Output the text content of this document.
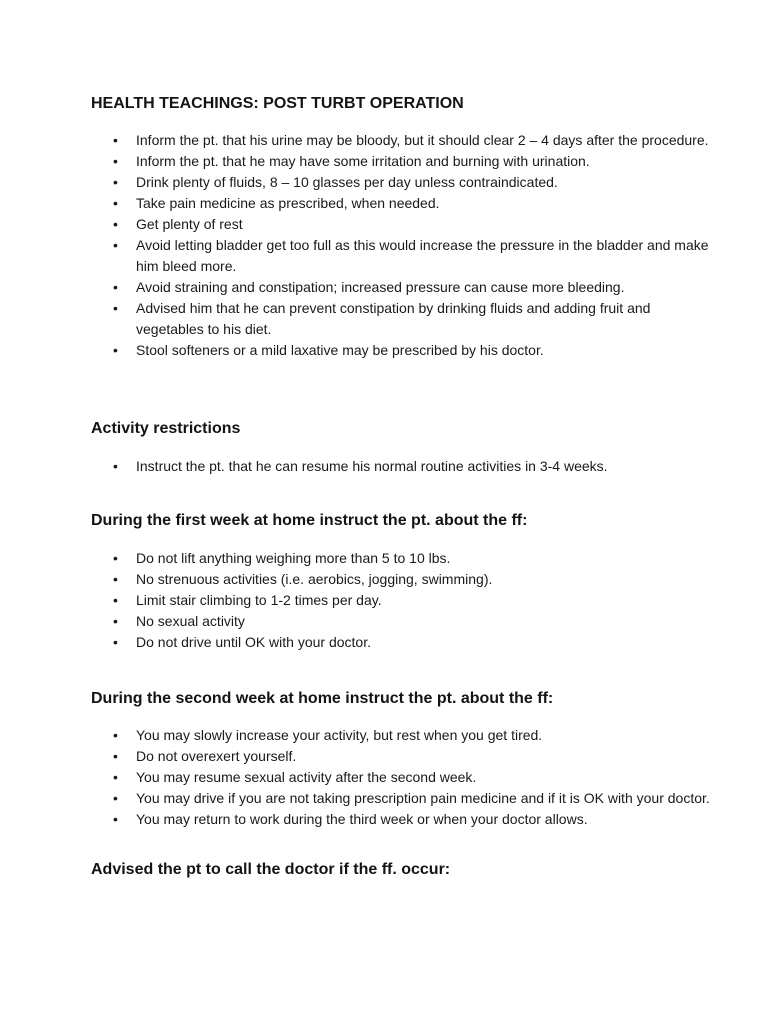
HEALTH TEACHINGS: POST TURBT OPERATION
• Inform the pt. that his urine may be bloody, but it should clear 2 – 4 days after the procedure.
• Inform the pt. that he may have some irritation and burning with urination.
• Drink plenty of fluids, 8 – 10 glasses per day unless contraindicated.
• Take pain medicine as prescribed, when needed.
• Get plenty of rest
• Avoid letting bladder get too full as this would increase the pressure in the bladder and make him bleed more.
• Avoid straining and constipation; increased pressure can cause more bleeding.
• Advised him that he can prevent constipation by drinking fluids and adding fruit and vegetables to his diet.
• Stool softeners or a mild laxative may be prescribed by his doctor.
Activity restrictions
• Instruct the pt. that he can resume his normal routine activities in 3-4 weeks.
During the first week at home instruct the pt. about the ff:
• Do not lift anything weighing more than 5 to 10 lbs.
• No strenuous activities (i.e. aerobics, jogging, swimming).
• Limit stair climbing to 1-2 times per day.
• No sexual activity
• Do not drive until OK with your doctor.
During the second week at home instruct the pt. about the ff:
• You may slowly increase your activity, but rest when you get tired.
• Do not overexert yourself.
• You may resume sexual activity after the second week.
• You may drive if you are not taking prescription pain medicine and if it is OK with your doctor.
• You may return to work during the third week or when your doctor allows.
Advised the pt to call the doctor if the ff. occur:
